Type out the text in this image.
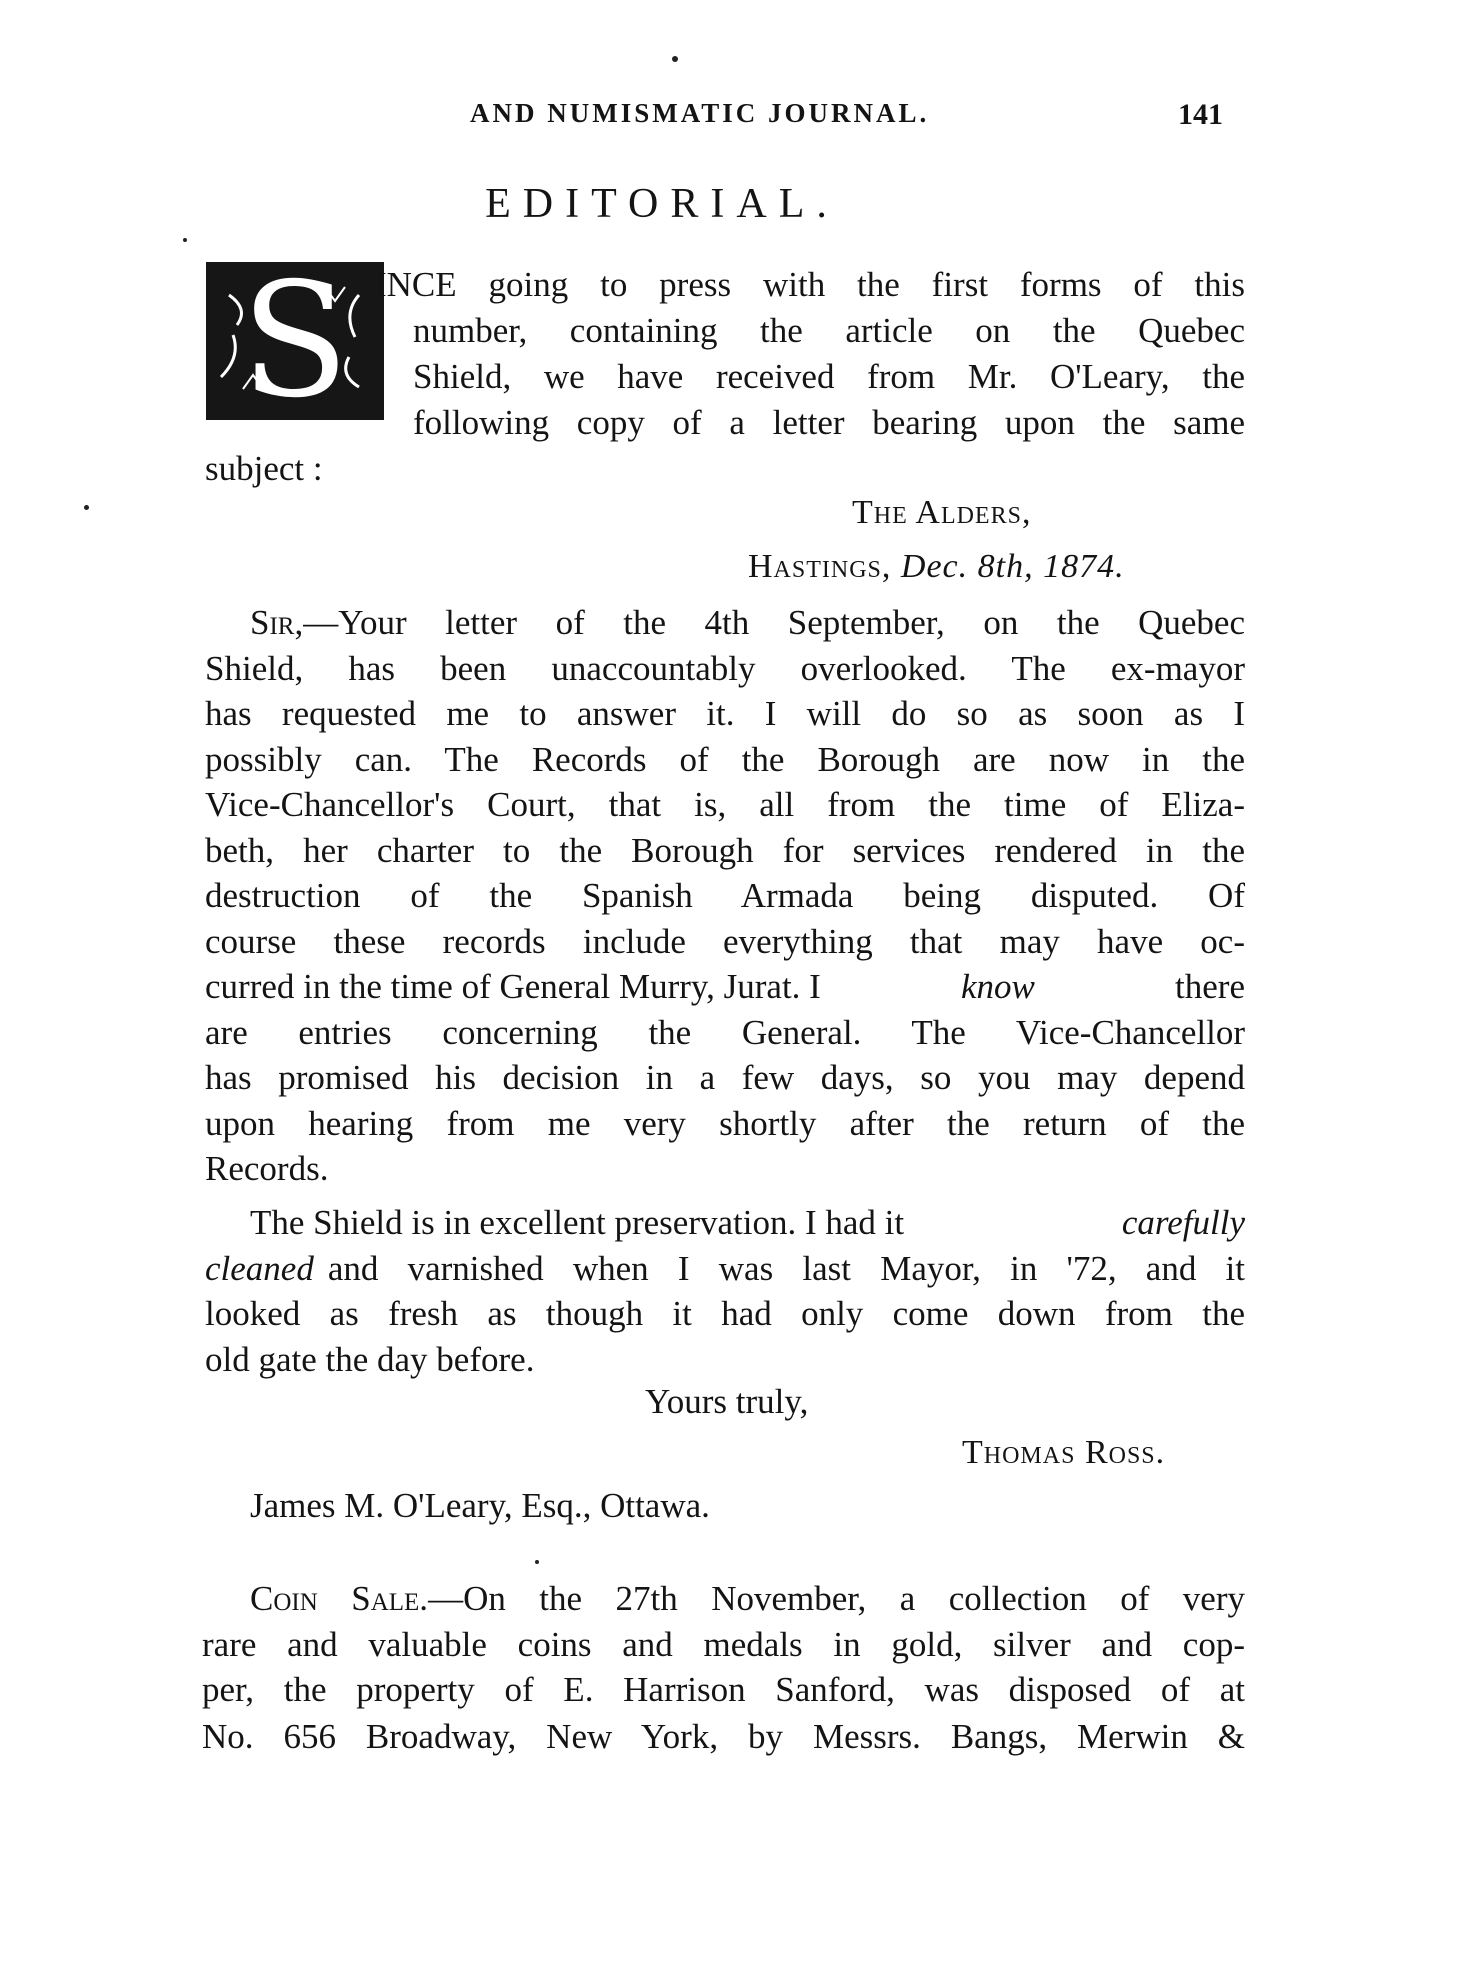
AND NUMISMATIC JOURNAL.	141
EDITORIAL.
S INCE going to press with the first forms of this
number, containing the article on the Quebec
Shield, we have received from Mr. O'Leary, the
following copy of a letter bearing upon the same
subject :
The Alders,
Hastings, Dec. 8th, 1874.
Sir,—Your letter of the 4th September, on the Quebec
Shield, has been unaccountably overlooked. The ex-mayor
has requested me to answer it. I will do so as soon as I
possibly can. The Records of the Borough are now in the
Vice-Chancellor's Court, that is, all from the time of Eliza-
beth, her charter to the Borough for services rendered in the
destruction of the Spanish Armada being disputed. Of
course these records include everything that may have oc-
curred in the time of General Murry, Jurat. I	know	there
are entries concerning the General. The Vice-Chancellor
has promised his decision in a few days, so you may depend
upon hearing from me very shortly after the return of the
Records.
The Shield is in excellent preservation. I had it	carefully
cleaned and varnished when I was last Mayor, in '72, and it
looked as fresh as though it had only come down from the
old gate the day before.
Yours truly,
Thomas Ross.
James M. O'Leary, Esq., Ottawa.
Coin Sale.—On the 27th November, a collection of very
rare and valuable coins and medals in gold, silver and cop-
per, the property of E. Harrison Sanford, was disposed of at
No. 656 Broadway, New York, by Messrs. Bangs, Merwin &
